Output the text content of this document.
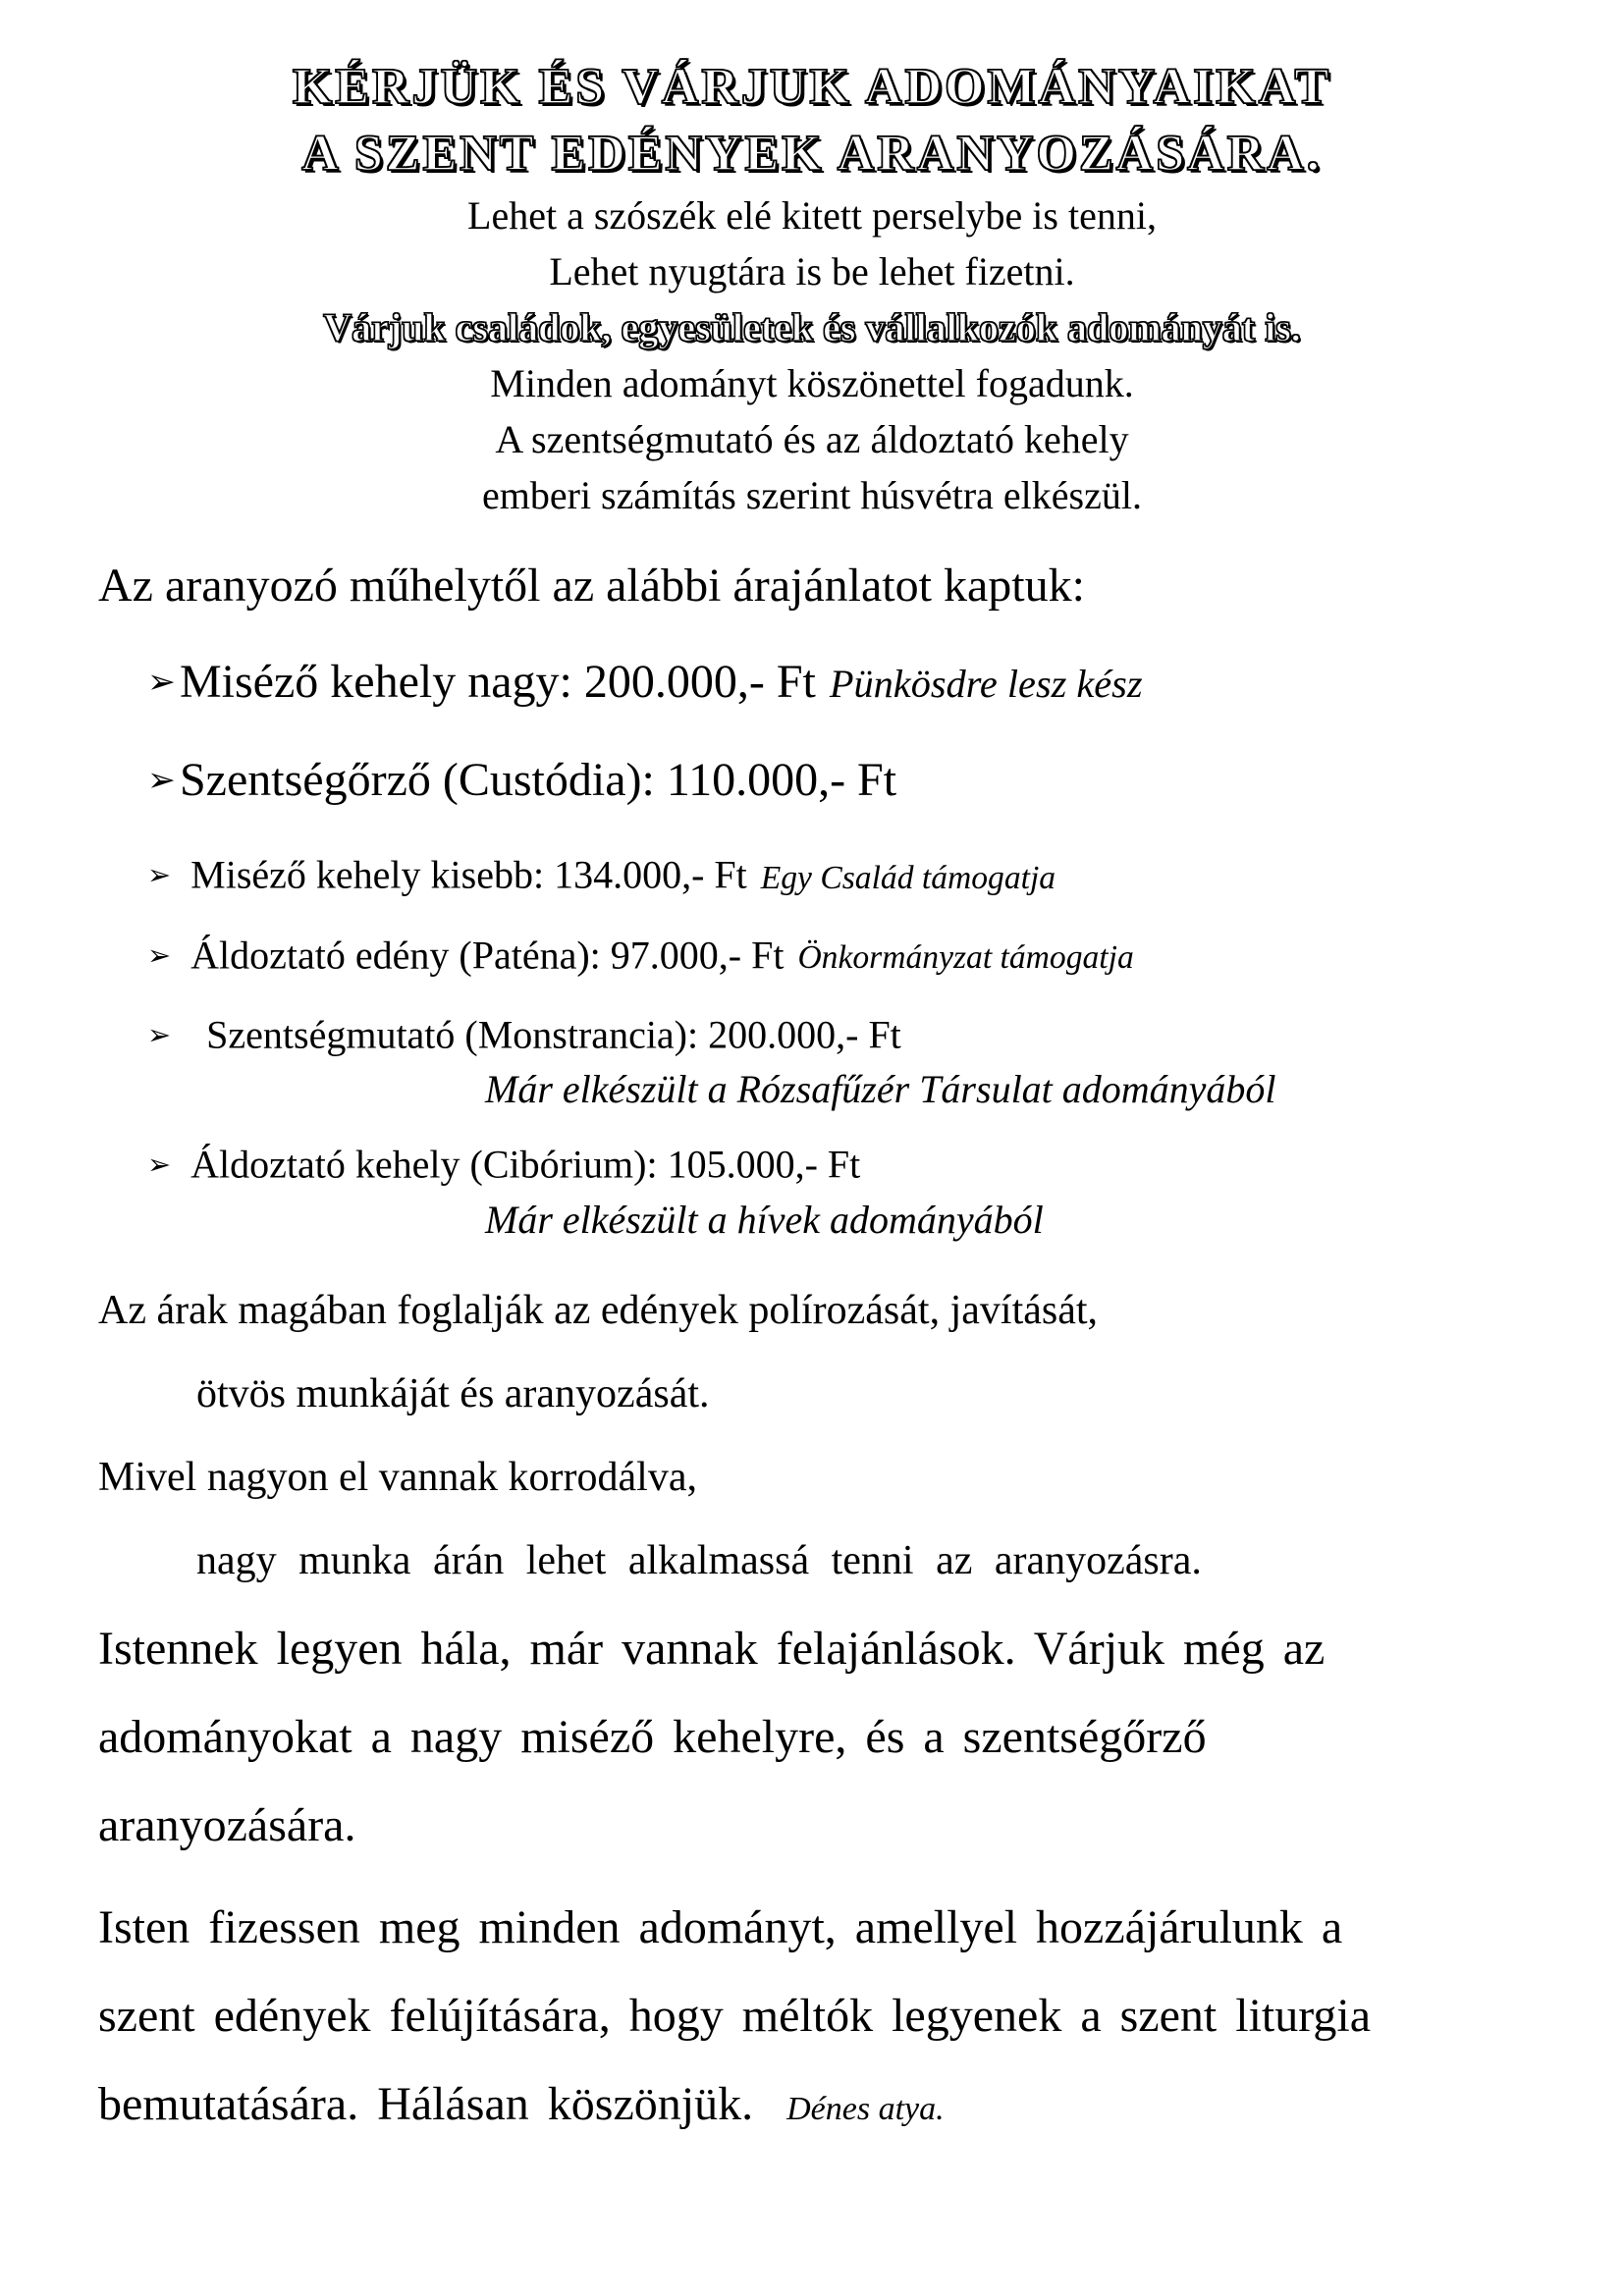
KÉRJÜK ÉS VÁRJUK ADOMÁNYAIKAT
A SZENT EDÉNYEK ARANYOZÁSÁRA.
Lehet a szószék elé kitett perselybe is tenni,
Lehet nyugtára is be lehet fizetni.
Várjuk családok, egyesületek és vállalkozók adományát is.
Minden adományt köszönettel fogadunk.
A szentségmutató és az áldoztató kehely
emberi számítás szerint húsvétra elkészül.

Az aranyozó műhelytől az alábbi árajánlatot kaptuk:

➢Miséző kehely nagy: 200.000,- Ft Pünkösdre lesz kész
➢Szentségőrző (Custódia): 110.000,- Ft
➢ Miséző kehely kisebb: 134.000,- Ft Egy Család támogatja
➢ Áldoztató edény (Paténa): 97.000,- Ft Önkormányzat támogatja
➢ Szentségmutató (Monstrancia): 200.000,- Ft
Már elkészült a Rózsafűzér Társulat adományából
➢ Áldoztató kehely (Cibórium): 105.000,- Ft
Már elkészült a hívek adományából
Az árak magában foglalják az edények polírozását, javítását,
ötvös munkáját és aranyozását.
Mivel nagyon el vannak korrodálva,
nagy munka árán lehet alkalmassá tenni az aranyozásra.
Istennek legyen hála, már vannak felajánlások. Várjuk még az
adományokat a nagy miséző kehelyre, és a szentségőrző
aranyozására.
Isten fizessen meg minden adományt, amellyel hozzájárulunk a
szent edények felújítására, hogy méltók legyenek a szent liturgia
bemutatására. Hálásan köszönjük. Dénes atya.
